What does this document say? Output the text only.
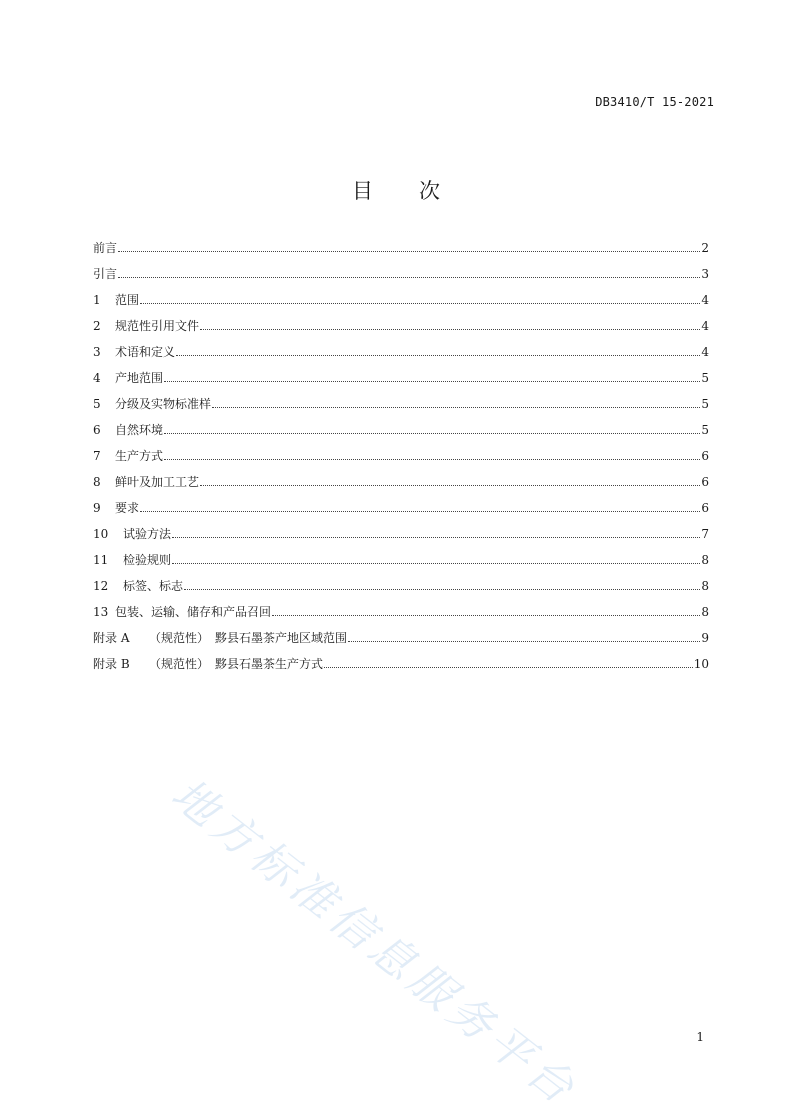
DB3410/T 15-2021
目 次
前言	2
引言	3
1	范围	4
2	规范性引用文件	4
3	术语和定义	4
4	产地范围	5
5	分级及实物标准样	5
6	自然环境	5
7	生产方式	6
8	鲜叶及加工工艺	6
9	要求	6
10	试验方法	7
11	检验规则	8
12	标签、标志	8
13 包装、运输、储存和产品召回	8
附录 A	（规范性）　黟县石墨茶产地区域范围	9
附录 B	（规范性）　黟县石墨茶生产方式	10
地方标准信息服务平台	1
